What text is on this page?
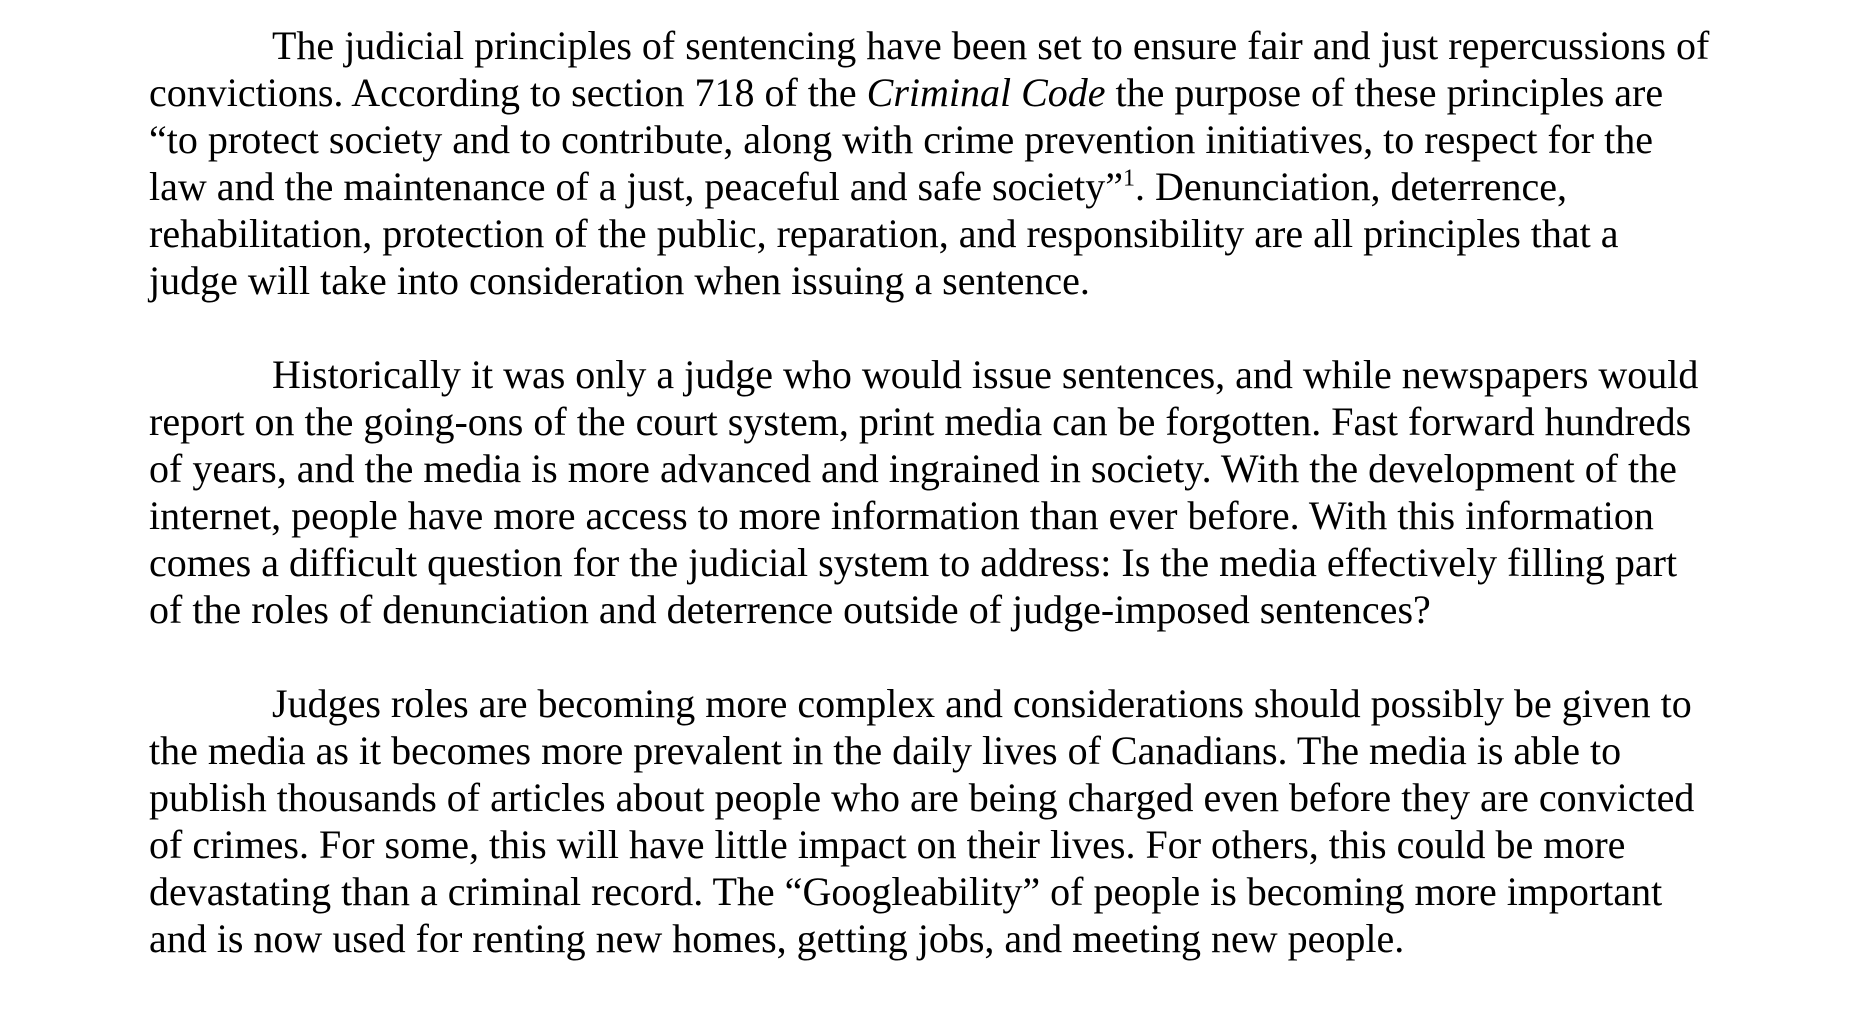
The judicial principles of sentencing have been set to ensure fair and just repercussions of
convictions. According to section 718 of the Criminal Code the purpose of these principles are
“to protect society and to contribute, along with crime prevention initiatives, to respect for the
law and the maintenance of a just, peaceful and safe society”$^1$. Denunciation, deterrence,
rehabilitation, protection of the public, reparation, and responsibility are all principles that a
judge will take into consideration when issuing a sentence.
Historically it was only a judge who would issue sentences, and while newspapers would
report on the going-ons of the court system, print media can be forgotten. Fast forward hundreds
of years, and the media is more advanced and ingrained in society. With the development of the
internet, people have more access to more information than ever before. With this information
comes a difficult question for the judicial system to address: Is the media effectively filling part
of the roles of denunciation and deterrence outside of judge-imposed sentences?
Judges roles are becoming more complex and considerations should possibly be given to
the media as it becomes more prevalent in the daily lives of Canadians. The media is able to
publish thousands of articles about people who are being charged even before they are convicted
of crimes. For some, this will have little impact on their lives. For others, this could be more
devastating than a criminal record. The “Googleability” of people is becoming more important
and is now used for renting new homes, getting jobs, and meeting new people.
